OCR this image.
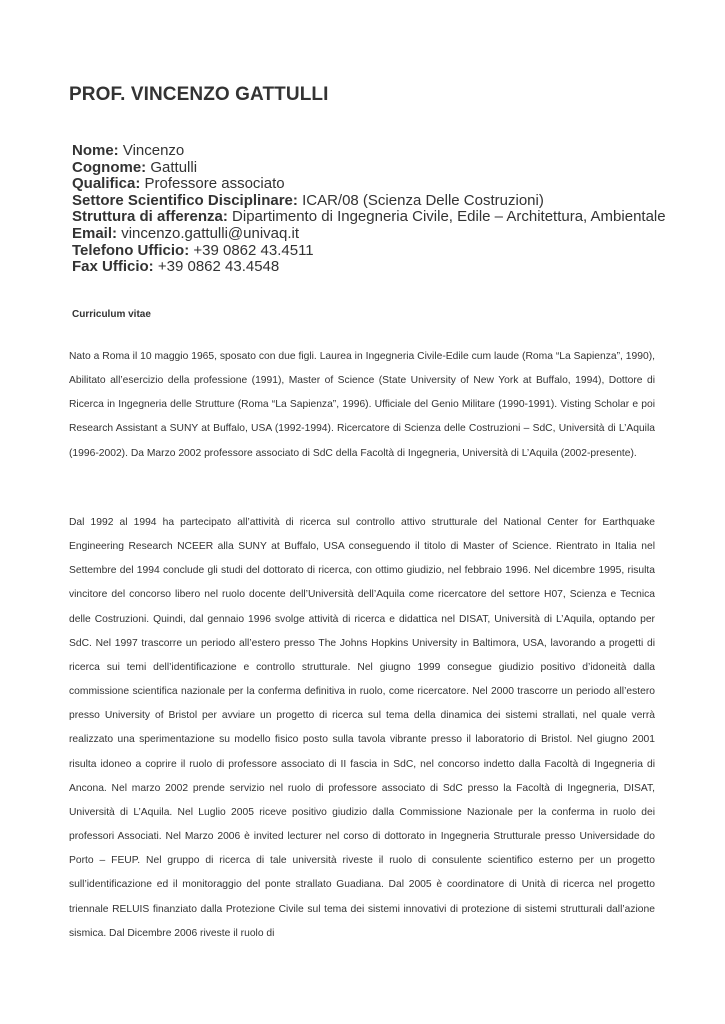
PROF. VINCENZO GATTULLI
Nome: Vincenzo
Cognome: Gattulli
Qualifica: Professore associato
Settore Scientifico Disciplinare: ICAR/08 (Scienza Delle Costruzioni)
Struttura di afferenza: Dipartimento di Ingegneria Civile, Edile – Architettura, Ambientale
Email: vincenzo.gattulli@univaq.it
Telefono Ufficio: +39 0862 43.4511
Fax Ufficio: +39 0862 43.4548
Curriculum vitae

Nato a Roma il 10 maggio 1965, sposato con due figli. Laurea in Ingegneria Civile-Edile cum laude (Roma “La Sapienza”, 1990), Abilitato all’esercizio della professione (1991), Master of Science (State University of New York at Buffalo, 1994), Dottore di Ricerca in Ingegneria delle Strutture (Roma “La Sapienza”, 1996). Ufficiale del Genio Militare (1990-1991). Visting Scholar e poi Research Assistant a SUNY at Buffalo, USA (1992-1994). Ricercatore di Scienza delle Costruzioni – SdC, Università di L’Aquila (1996-2002). Da Marzo 2002 professore associato di SdC della Facoltà di Ingegneria, Università di L’Aquila (2002-presente).

Dal 1992 al 1994 ha partecipato all’attività di ricerca sul controllo attivo strutturale del National Center for Earthquake Engineering Research NCEER alla SUNY at Buffalo, USA conseguendo il titolo di Master of Science. Rientrato in Italia nel Settembre del 1994 conclude gli studi del dottorato di ricerca, con ottimo giudizio, nel febbraio 1996. Nel dicembre 1995, risulta vincitore del concorso libero nel ruolo docente dell’Università dell’Aquila come ricercatore del settore H07, Scienza e Tecnica delle Costruzioni. Quindi, dal gennaio 1996 svolge attività di ricerca e didattica nel DISAT, Università di L’Aquila, optando per SdC. Nel 1997 trascorre un periodo all’estero presso The Johns Hopkins University in Baltimora, USA, lavorando a progetti di ricerca sui temi dell’identificazione e controllo strutturale. Nel giugno 1999 consegue giudizio positivo d’idoneità dalla commissione scientifica nazionale per la conferma definitiva in ruolo, come ricercatore. Nel 2000 trascorre un periodo all’estero presso University of Bristol per avviare un progetto di ricerca sul tema della dinamica dei sistemi strallati, nel quale verrà realizzato una sperimentazione su modello fisico posto sulla tavola vibrante presso il laboratorio di Bristol. Nel giugno 2001 risulta idoneo a coprire il ruolo di professore associato di II fascia in SdC, nel concorso indetto dalla Facoltà di Ingegneria di Ancona. Nel marzo 2002 prende servizio nel ruolo di professore associato di SdC presso la Facoltà di Ingegneria, DISAT, Università di L’Aquila. Nel Luglio 2005 riceve positivo giudizio dalla Commissione Nazionale per la conferma in ruolo dei professori Associati. Nel Marzo 2006 è invited lecturer nel corso di dottorato in Ingegneria Strutturale presso Universidade do Porto – FEUP. Nel gruppo di ricerca di tale università riveste il ruolo di consulente scientifico esterno per un progetto sull’identificazione ed il monitoraggio del ponte strallato Guadiana. Dal 2005 è coordinatore di Unità di ricerca nel progetto triennale RELUIS finanziato dalla Protezione Civile sul tema dei sistemi innovativi di protezione di sistemi strutturali dall’azione sismica. Dal Dicembre 2006 riveste il ruolo di
